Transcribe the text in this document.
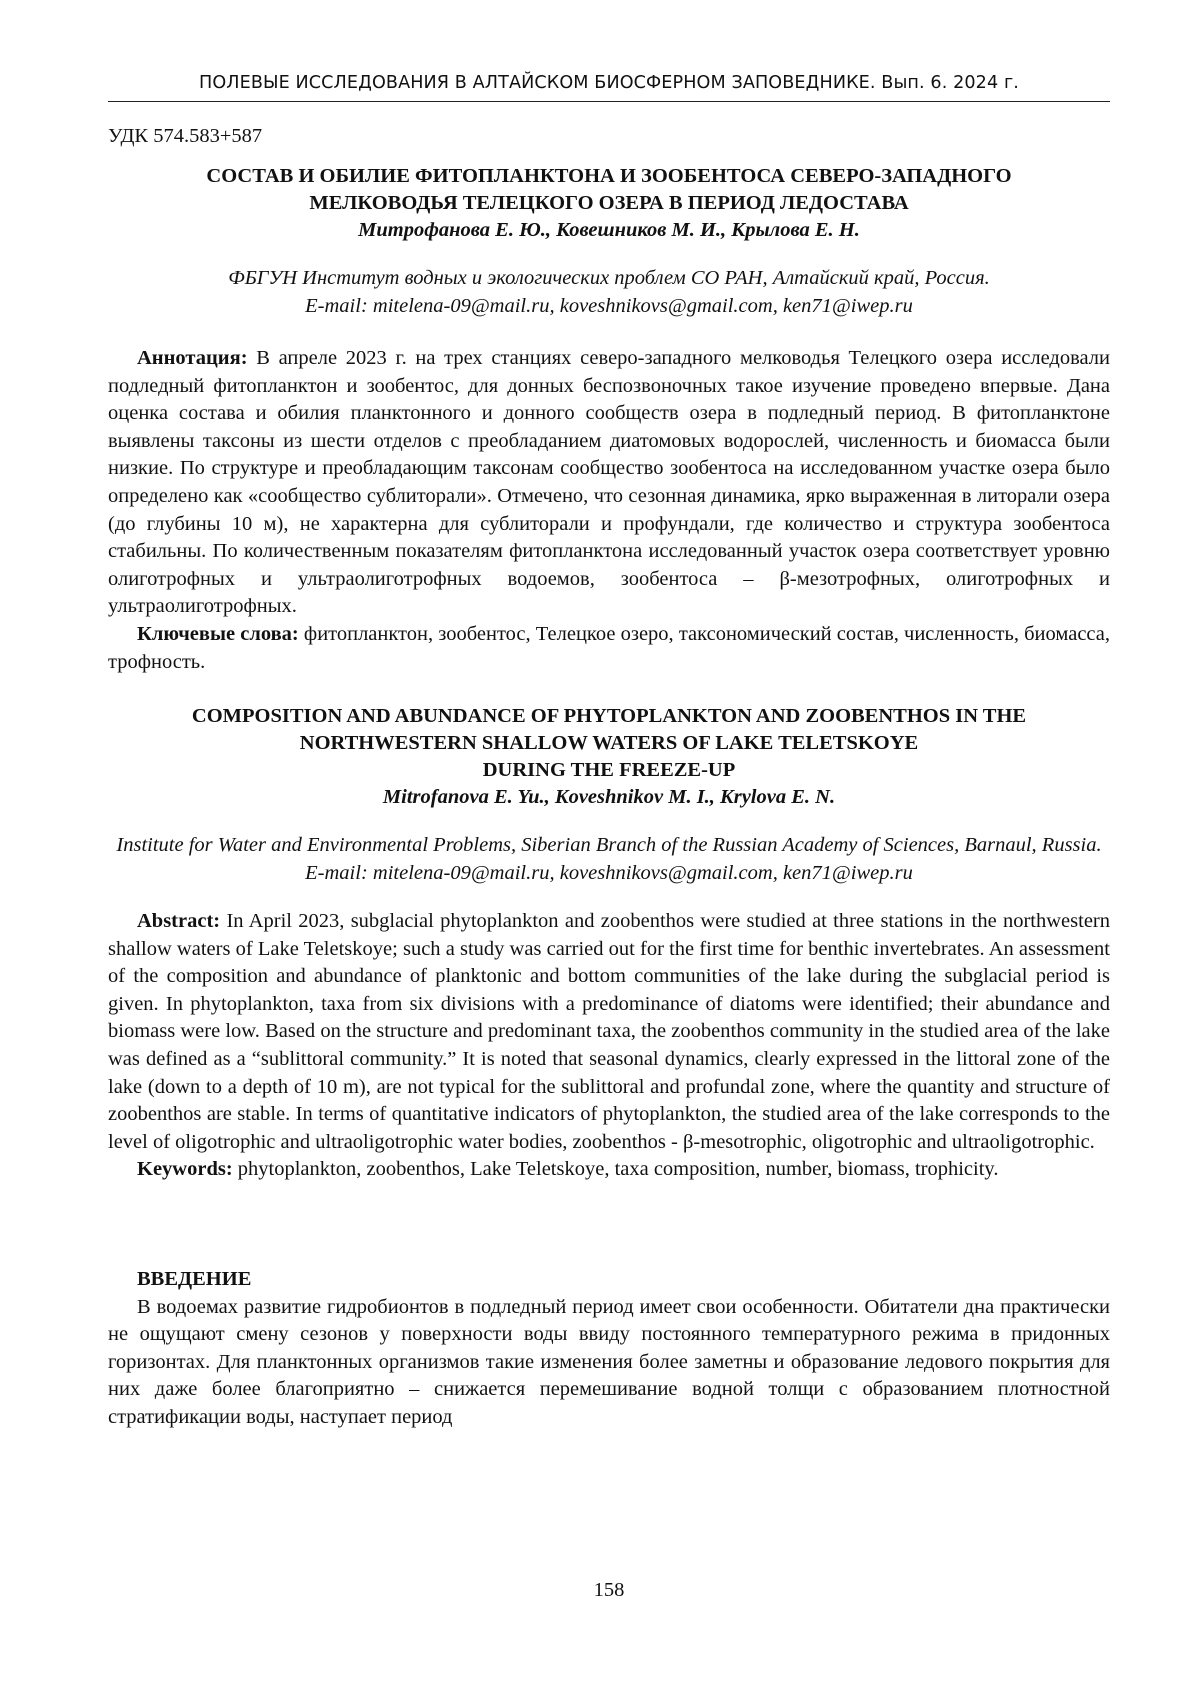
ПОЛЕВЫЕ ИССЛЕДОВАНИЯ В АЛТАЙСКОМ БИОСФЕРНОМ ЗАПОВЕДНИКЕ. Вып. 6. 2024 г.
УДК 574.583+587
СОСТАВ И ОБИЛИЕ ФИТОПЛАНКТОНА И ЗООБЕНТОСА СЕВЕРО-ЗАПАДНОГО
МЕЛКОВОДЬЯ ТЕЛЕЦКОГО ОЗЕРА В ПЕРИОД ЛЕДОСТАВА
Митрофанова Е. Ю., Ковешников М. И., Крылова Е. Н.
ФБГУН Институт водных и экологических проблем СО РАН, Алтайский край, Россия.
E-mail: mitelena-09@mail.ru, koveshnikovs@gmail.com, ken71@iwep.ru

Аннотация: В апреле 2023 г. на трех станциях северо-западного мелководья Телецкого озера исследовали подледный фитопланктон и зообентос, для донных беспозвоночных такое изучение проведено впервые. Дана оценка состава и обилия планктонного и донного сообществ озера в подледный период. В фитопланктоне выявлены таксоны из шести отделов с преобладанием диатомовых водорослей, численность и биомасса были низкие. По структуре и преобладающим таксонам сообщество зообентоса на исследованном участке озера было определено как «сообщество сублиторали». Отмечено, что сезонная динамика, ярко выраженная в литорали озера (до глубины 10 м), не характерна для сублиторали и профундали, где количество и структура зообентоса стабильны. По количественным показателям фитопланктона исследованный участок озера соответствует уровню олиготрофных и ультраолиготрофных водоемов, зообентоса – β-мезотрофных, олиготрофных и ультраолиготрофных.

Ключевые слова: фитопланктон, зообентос, Телецкое озеро, таксономический состав, численность, биомасса, трофность.

COMPOSITION AND ABUNDANCE OF PHYTOPLANKTON AND ZOOBENTHOS IN THE
NORTHWESTERN SHALLOW WATERS OF LAKE TELETSKOYE
DURING THE FREEZE-UP
Mitrofanova E. Yu., Koveshnikov M. I., Krylova E. N.
Institute for Water and Environmental Problems, Siberian Branch of the Russian Academy of Sciences, Barnaul, Russia. E-mail: mitelena-09@mail.ru, koveshnikovs@gmail.com, ken71@iwep.ru

Abstract: In April 2023, subglacial phytoplankton and zoobenthos were studied at three stations in the northwestern shallow waters of Lake Teletskoye; such a study was carried out for the first time for benthic invertebrates. An assessment of the composition and abundance of planktonic and bottom communities of the lake during the subglacial period is given. In phytoplankton, taxa from six divisions with a predominance of diatoms were identified; their abundance and biomass were low. Based on the structure and predominant taxa, the zoobenthos community in the studied area of the lake was defined as a “sublittoral community.” It is noted that seasonal dynamics, clearly expressed in the littoral zone of the lake (down to a depth of 10 m), are not typical for the sublittoral and profundal zone, where the quantity and structure of zoobenthos are stable. In terms of quantitative indicators of phytoplankton, the studied area of the lake corresponds to the level of oligotrophic and ultraoligotrophic water bodies, zoobenthos - β-mesotrophic, oligotrophic and ultraoligotrophic.

Keywords: phytoplankton, zoobenthos, Lake Teletskoye, taxa composition, number, biomass, trophicity.

ВВЕДЕНИЕ

В водоемах развитие гидробионтов в подледный период имеет свои особенности. Обитатели дна практически не ощущают смену сезонов у поверхности воды ввиду постоянного температурного режима в придонных горизонтах. Для планктонных организмов такие изменения более заметны и образование ледового покрытия для них даже более благоприятно – снижается перемешивание водной толщи с образованием плотностной стратификации воды, наступает период

158
